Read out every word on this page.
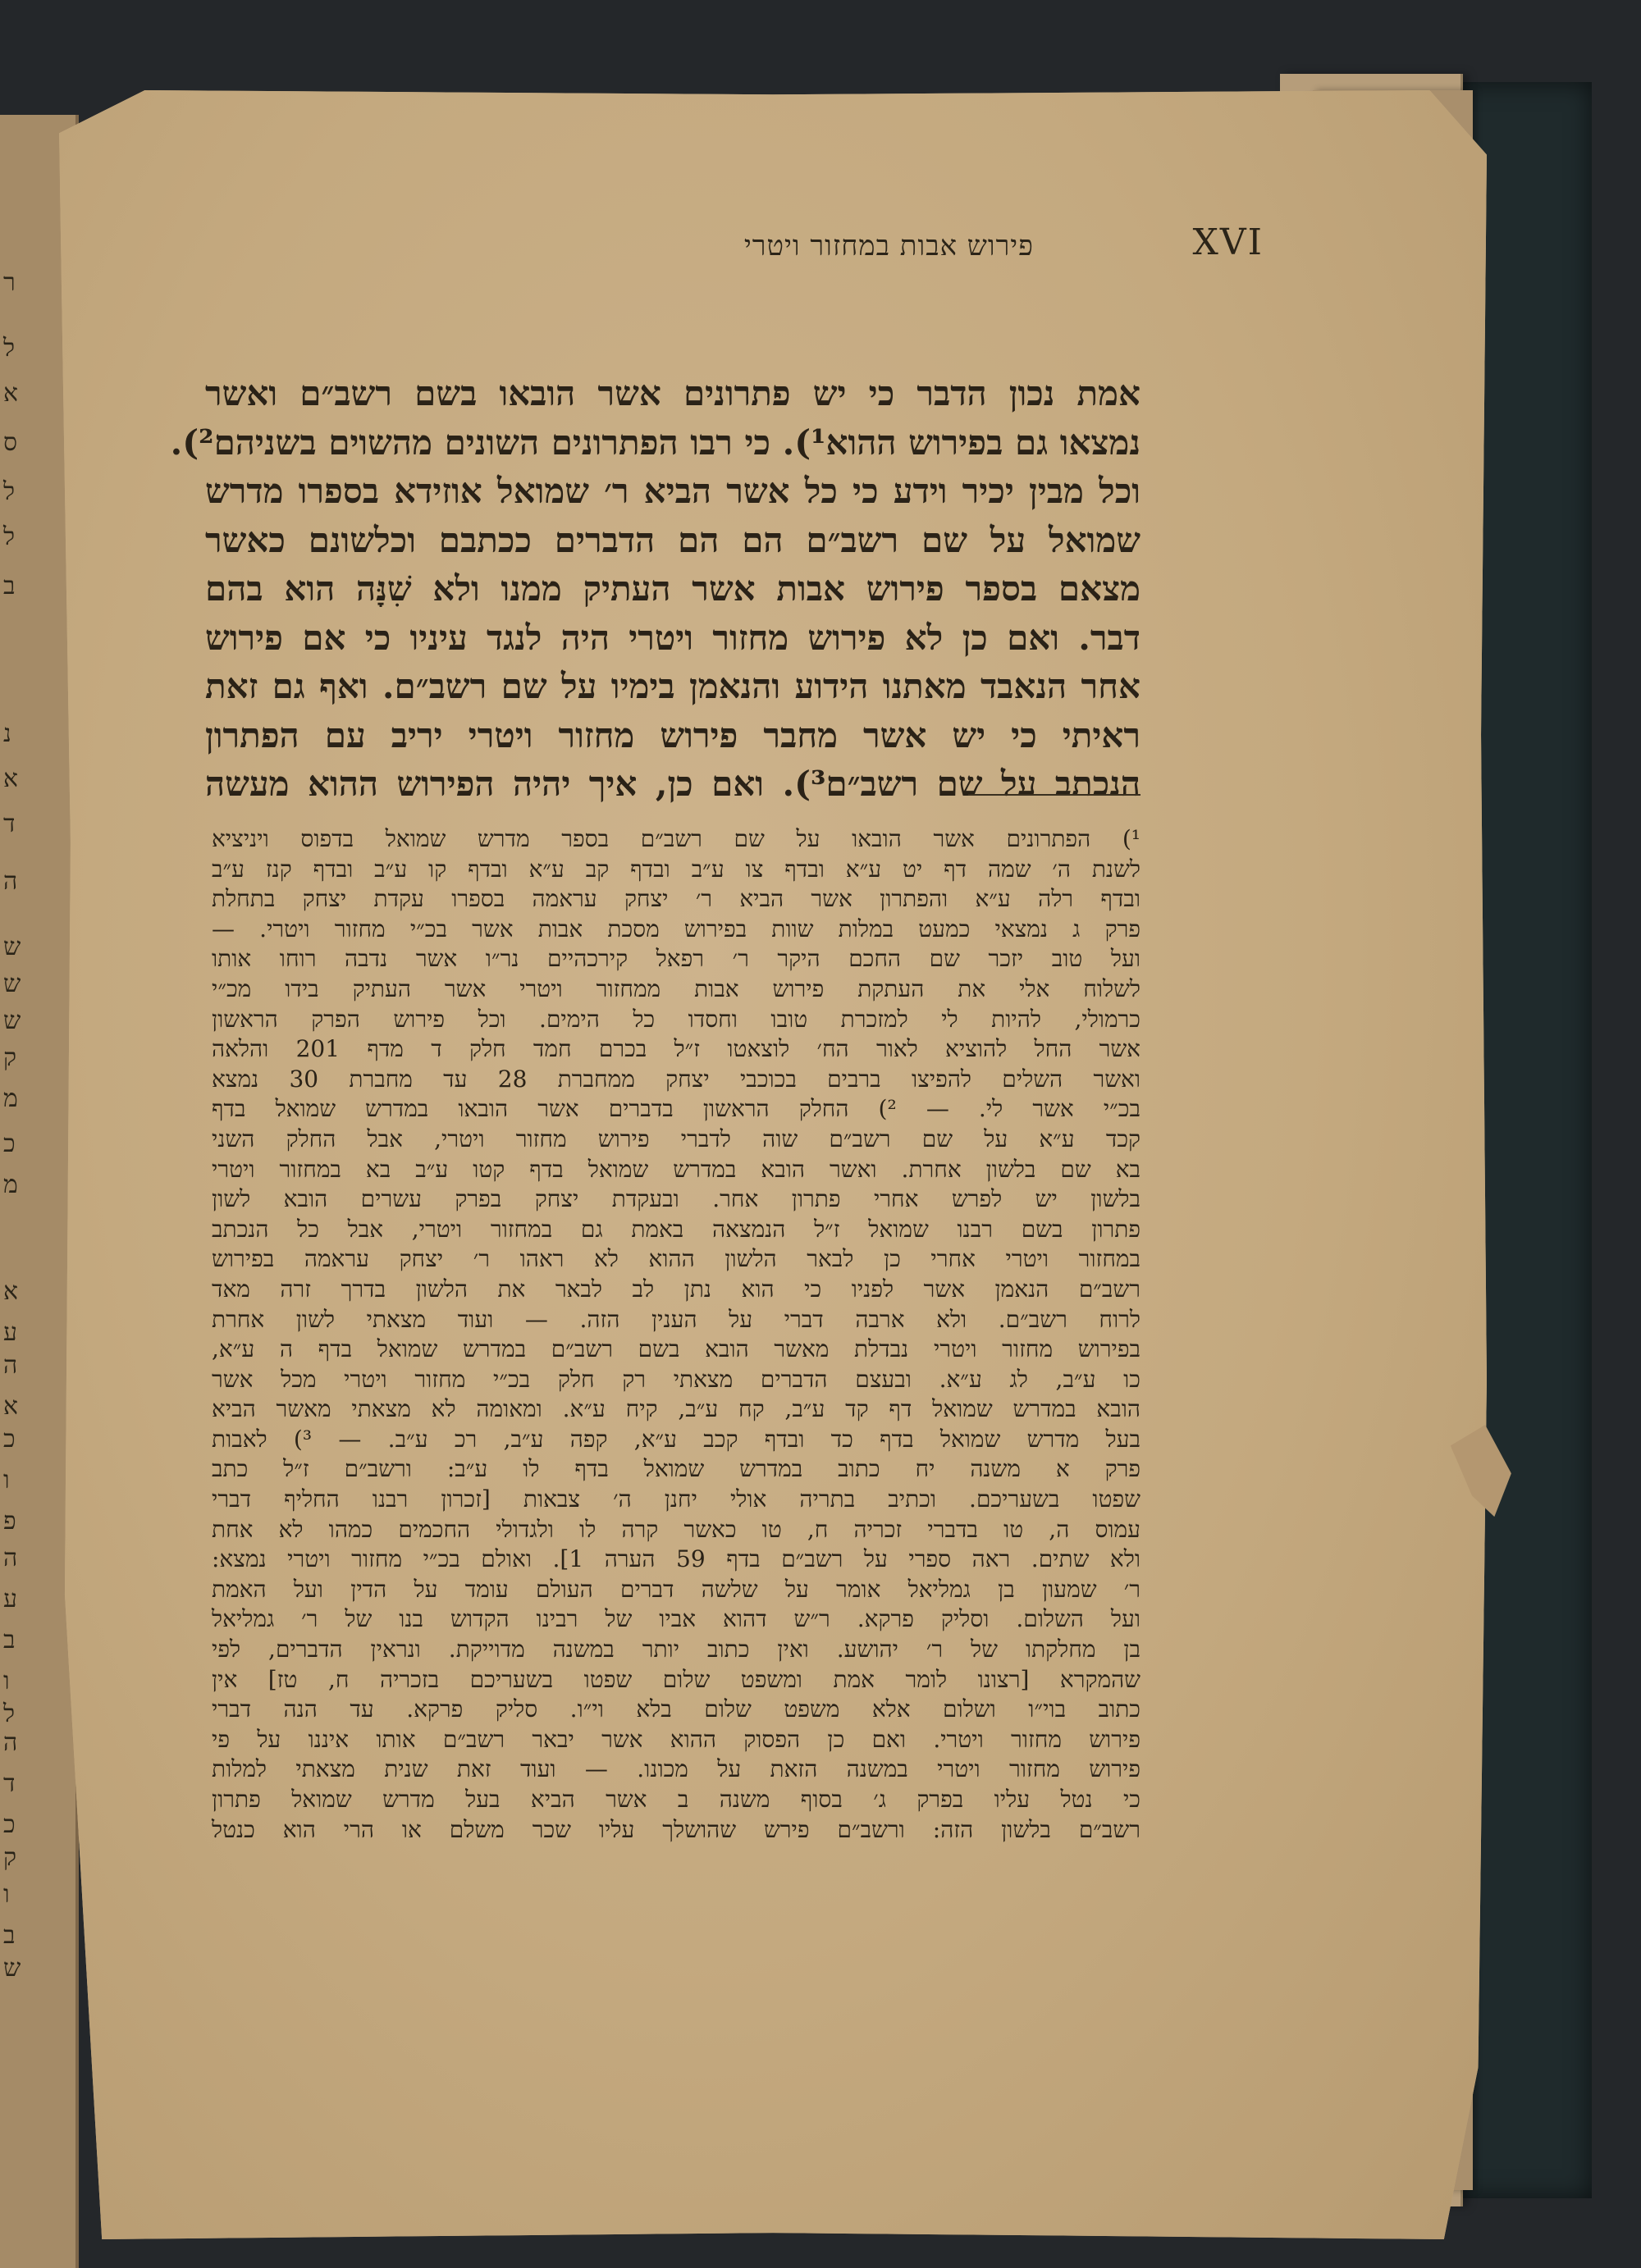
ר
ל
א
ס
ל
ל
ב
נ
א
ד
ה
ש
ש
ש
ק
מ
כ
מ
א
ע
ה
א
כ
ו
פ
ה
ע
ב
ו
ל
ה
ד
כ
ק
ו
ב
ש
פירוש אבות במחזור ויטרי	XVI
אמת נכון הדבר כי יש פתרונים אשר הובאו בשם רשב״ם ואשר
נמצאו גם בפירוש ההוא¹). כי רבו הפתרונים השונים מהשוים בשניהם²).
וכל מבין יכיר וידע כי כל אשר הביא ר׳ שמואל אוזידא בספרו מדרש
שמואל על שם רשב״ם הם הם הדברים ככתבם וכלשונם כאשר
מצאם בספר פירוש אבות אשר העתיק ממנו ולא שִׁנָּה הוא בהם
דבר. ואם כן לא פירוש מחזור ויטרי היה לנגד עיניו כי אם פירוש
אחר הנאבד מאתנו הידוע והנאמן בימיו על שם רשב״ם. ואף גם זאת
ראיתי כי יש אשר מחבר פירוש מחזור ויטרי יריב עם הפתרון
הנכתב על שם רשב״ם³). ואם כן, איך יהיה הפירוש ההוא מעשה
¹) הפתרונים אשר הובאו על שם רשב״ם בספר מדרש שמואל בדפוס ויניציא
לשנת ה׳ שמה דף יט ע״א ובדף צו ע״ב ובדף קב ע״א ובדף קו ע״ב ובדף קנז ע״ב
ובדף רלה ע״א והפתרון אשר הביא ר׳ יצחק עראמה בספרו עקדת יצחק בתחלת
פרק ג נמצאי כמעט במלות שוות בפירוש מסכת אבות אשר בכ״י מחזור ויטרי. —
ועל טוב יזכר שם החכם היקר ר׳ רפאל קירכהיים נר״ו אשר נדבה רוחו אותו
לשלוח אלי את העתקת פירוש אבות ממחזור ויטרי אשר העתיק בידו מכ״י
כרמולי, להיות לי למזכרת טובו וחסדו כל הימים. וכל פירוש הפרק הראשון
אשר החל להוציא לאור הח׳ לוצאטו ז״ל בכרם חמד חלק ד מדף 201 והלאה
ואשר השלים להפיצו ברבים בכוכבי יצחק ממחברת 28 עד מחברת 30 נמצא
בכ״י אשר לי. — ²) החלק הראשון בדברים אשר הובאו במדרש שמואל בדף
קכד ע״א על שם רשב״ם שוה לדברי פירוש מחזור ויטרי, אבל החלק השני
בא שם בלשון אחרת. ואשר הובא במדרש שמואל בדף קטו ע״ב בא במחזור ויטרי
בלשון יש לפרש אחרי פתרון אחר. ובעקדת יצחק בפרק עשרים הובא לשון
פתרון בשם רבנו שמואל ז״ל הנמצאה באמת גם במחזור ויטרי, אבל כל הנכתב
במחזור ויטרי אחרי כן לבאר הלשון ההוא לא ראהו ר׳ יצחק עראמה בפירוש
רשב״ם הנאמן אשר לפניו כי הוא נתן לב לבאר את הלשון בדרך זרה מאד
לרוח רשב״ם. ולא ארבה דברי על הענין הזה. — ועוד מצאתי לשון אחרת
בפירוש מחזור ויטרי נבדלת מאשר הובא בשם רשב״ם במדרש שמואל בדף ה ע״א,
כו ע״ב, לג ע״א. ובעצם הדברים מצאתי רק חלק בכ״י מחזור ויטרי מכל אשר
הובא במדרש שמואל דף קד ע״ב, קח ע״ב, קיח ע״א. ומאומה לא מצאתי מאשר הביא
בעל מדרש שמואל בדף כד ובדף קכב ע״א, קפה ע״ב, רכ ע״ב. — ³) לאבות
פרק א משנה יח כתוב במדרש שמואל בדף לו ע״ב: ורשב״ם ז״ל כתב
שפטו בשעריכם. וכתיב בתריה אולי יחנן ה׳ צבאות [זכרון רבנו החליף דברי
עמוס ה, טו בדברי זכריה ח, טו כאשר קרה לו ולגדולי החכמים כמהו לא אחת
ולא שתים. ראה ספרי על רשב״ם בדף 59 הערה 1]. ואולם בכ״י מחזור ויטרי נמצא:
ר׳ שמעון בן גמליאל אומר על שלשה דברים העולם עומד על הדין ועל האמת
ועל השלום. וסליק פרקא. ר״ש דהוא אביו של רבינו הקדוש בנו של ר׳ גמליאל
בן מחלקתו של ר׳ יהושע. ואין כתוב יותר במשנה מדוייקת. ונראין הדברים, לפי
שהמקרא [רצונו לומר אמת ומשפט שלום שפטו בשעריכם בזכריה ח, טז] אין
כתוב בוי״ו ושלום אלא משפט שלום בלא וי״ו. סליק פרקא. עד הנה דברי
פירוש מחזור ויטרי. ואם כן הפסוק ההוא אשר יבאר רשב״ם אותו איננו על פי
פירוש מחזור ויטרי במשנה הזאת על מכונו. — ועוד זאת שנית מצאתי למלות
כי נטל עליו בפרק ג׳ בסוף משנה ב אשר הביא בעל מדרש שמואל פתרון
רשב״ם בלשון הזה: ורשב״ם פירש שהושלך עליו שכר משלם או הרי הוא כנטל
